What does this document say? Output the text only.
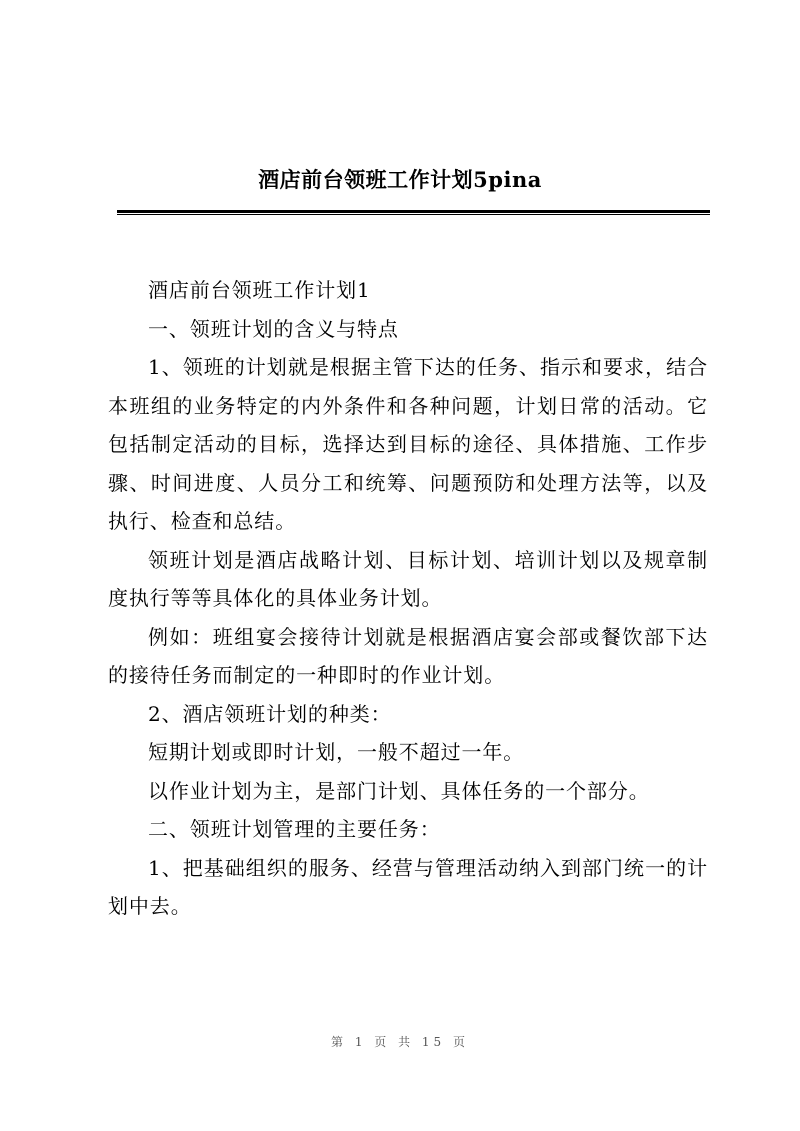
酒店前台领班工作计划5pina

酒店前台领班工作计划1

一、领班计划的含义与特点

1、领班的计划就是根据主管下达的任务、指示和要求，结合本班组的业务特定的内外条件和各种问题，计划日常的活动。它包括制定活动的目标，选择达到目标的途径、具体措施、工作步骤、时间进度、人员分工和统筹、问题预防和处理方法等，以及执行、检查和总结。

领班计划是酒店战略计划、目标计划、培训计划以及规章制度执行等等具体化的具体业务计划。

例如：班组宴会接待计划就是根据酒店宴会部或餐饮部下达的接待任务而制定的一种即时的作业计划。

2、酒店领班计划的种类：

短期计划或即时计划，一般不超过一年。

以作业计划为主，是部门计划、具体任务的一个部分。

二、领班计划管理的主要任务：

1、把基础组织的服务、经营与管理活动纳入到部门统一的计划中去。

第 1 页 共 15 页
